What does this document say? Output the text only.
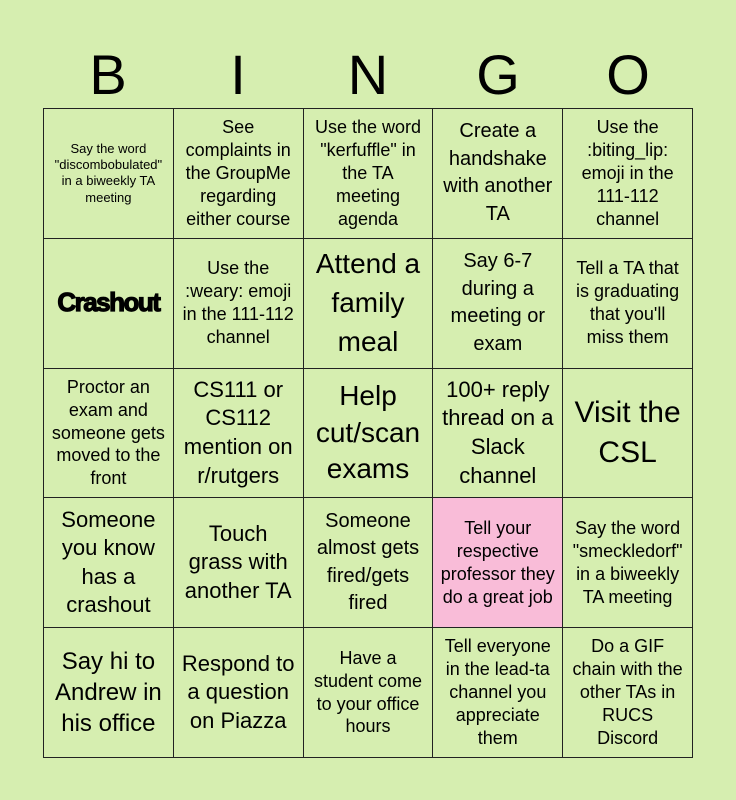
B	I	N	G	O
Say the word "discombobulated" in a biweekly TA meeting
See complaints in the GroupMe regarding either course
Use the word "kerfuffle" in the TA meeting agenda
Create a handshake with another TA
Use the :biting_lip: emoji in the 111-112 channel
Crashout
Use the :weary: emoji in the 111-112 channel
Attend a family meal
Say 6-7 during a meeting or exam
Tell a TA that is graduating that you'll miss them
Proctor an exam and someone gets moved to the front
CS111 or CS112 mention on r/rutgers
Help cut/scan exams
100+ reply thread on a Slack channel
Visit the CSL
Someone you know has a crashout
Touch grass with another TA
Someone almost gets fired/gets fired
Tell your respective professor they do a great job
Say the word "smeckledorf" in a biweekly TA meeting
Say hi to Andrew in his office
Respond to a question on Piazza
Have a student come to your office hours
Tell everyone in the lead-ta channel you appreciate them
Do a GIF chain with the other TAs in RUCS Discord
